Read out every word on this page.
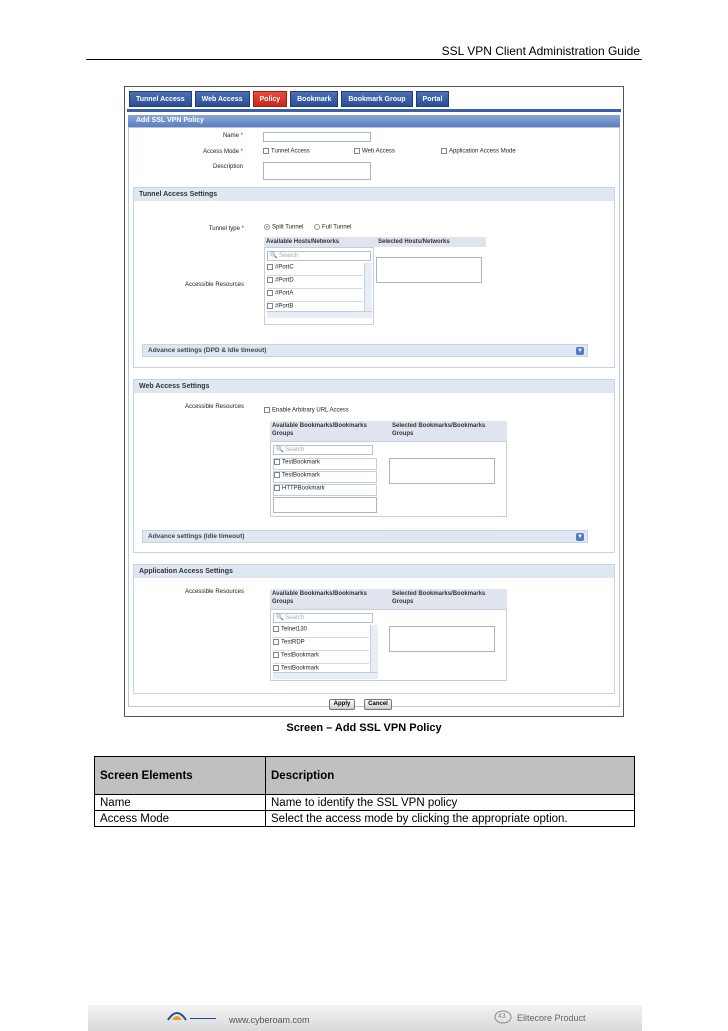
SSL VPN Client Administration Guide
Tunnel Access	Web Access	Policy	Bookmark	Bookmark Group	Portal
Add SSL VPN Policy
Name *
Access Mode *	Tunnel Access	Web Access	Application Access Mode
Description
Tunnel Access Settings
Tunnel type *	Split Tunnel	Full Tunnel
Accessible Resources
Available Hosts/Networks	Selected Hosts/Networks
🔍 Search
#PortC
#PortD
#PortA
#PortB
Advance settings (DPD & Idle timeout)	▼
Web Access Settings
Accessible Resources
Enable Arbitrary URL Access
Available Bookmarks/Bookmarks Groups
Selected Bookmarks/Bookmarks Groups
🔍 Search
TestBookmark
TestBookmark
HTTPBookmark
Advance settings (Idle timeout)	▼
Application Access Settings
Accessible Resources	Available Bookmarks/Bookmarks Groups
Selected Bookmarks/Bookmarks Groups
🔍 Search
Telnet130
TestRDP
TestBookmark
TestBookmark
Apply	Cancel
Screen – Add SSL VPN Policy
Screen Elements	Description
Name	Name to identify the SSL VPN policy
Access Mode	Select the access mode by clicking the appropriate option.
www.cyberoam.com	43 Elitecore Product
